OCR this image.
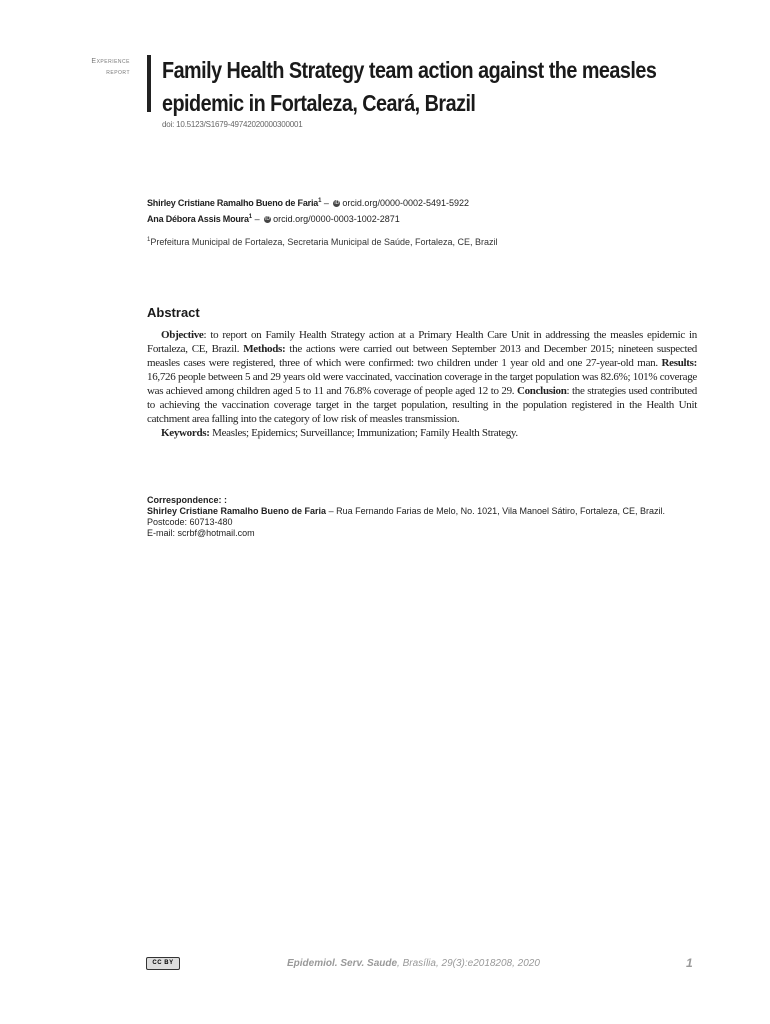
Experience
report Family Health Strategy team action against the measles
epidemic in Fortaleza, Ceará, Brazil
doi: 10.5123/S1679-49742020000300001
Shirley Cristiane Ramalho Bueno de Faria$^1$ – iD orcid.org/0000-0002-5491-5922
Ana Débora Assis Moura$^1$ – iD orcid.org/0000-0003-1002-2871
$^1$Prefeitura Municipal de Fortaleza, Secretaria Municipal de Saúde, Fortaleza, CE, Brazil
Abstract

Objective: to report on Family Health Strategy action at a Primary Health Care Unit in addressing the measles epidemic in Fortaleza, CE, Brazil. Methods: the actions were carried out between September 2013 and December 2015; nineteen suspected measles cases were registered, three of which were confirmed: two children under 1 year old and one 27-year-old man. Results: 16,726 people between 5 and 29 years old were vaccinated, vaccination coverage in the target population was 82.6%; 101% coverage was achieved among children aged 5 to 11 and 76.8% coverage of people aged 12 to 29. Conclusion: the strategies used contributed to achieving the vaccination coverage target in the target population, resulting in the population registered in the Health Unit catchment area falling into the category of low risk of measles transmission.

Keywords: Measles; Epidemics; Surveillance; Immunization; Family Health Strategy.

Correspondence: :
Shirley Cristiane Ramalho Bueno de Faria – Rua Fernando Farias de Melo, No. 1021, Vila Manoel Sátiro, Fortaleza, CE, Brazil.
Postcode: 60713-480
E-mail: scrbf@hotmail.com
CC BY	Epidemiol. Serv. Saude, Brasília, 29(3):e2018208, 2020	1
